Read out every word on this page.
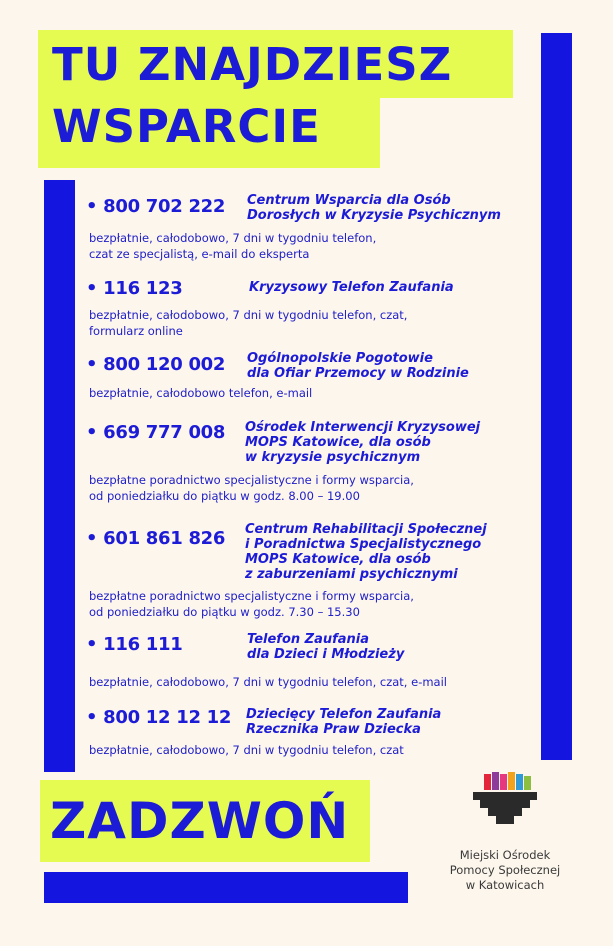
TU ZNAJDZIESZ
WSPARCIE
• 800 702 222 Centrum Wsparcia dla Osób
Dorosłych w Kryzysie Psychicznym
bezpłatnie, całodobowo, 7 dni w tygodniu telefon,
czat ze specjalistą, e-mail do eksperta
• 116 123	Kryzysowy Telefon Zaufania
bezpłatnie, całodobowo, 7 dni w tygodniu telefon, czat,
formularz online
• 800 120 002 Ogólnopolskie Pogotowie
dla Ofiar Przemocy w Rodzinie
bezpłatnie, całodobowo telefon, e-mail
• 669 777 008 Ośrodek Interwencji Kryzysowej
MOPS Katowice, dla osób
w kryzysie psychicznym
bezpłatne poradnictwo specjalistyczne i formy wsparcia,
od poniedziałku do piątku w godz. 8.00 – 19.00
• 601 861 826 Centrum Rehabilitacji Społecznej
i Poradnictwa Specjalistycznego
MOPS Katowice, dla osób
z zaburzeniami psychicznymi
bezpłatne poradnictwo specjalistyczne i formy wsparcia,
od poniedziałku do piątku w godz. 7.30 – 15.30
• 116 111	Telefon Zaufania
dla Dzieci i Młodzieży
bezpłatnie, całodobowo, 7 dni w tygodniu telefon, czat, e-mail
• 800 12 12 12 Dziecięcy Telefon Zaufania
Rzecznika Praw Dziecka
bezpłatnie, całodobowo, 7 dni w tygodniu telefon, czat
ZADZWOŃ
Miejski Ośrodek
Pomocy Społecznej
w Katowicach
